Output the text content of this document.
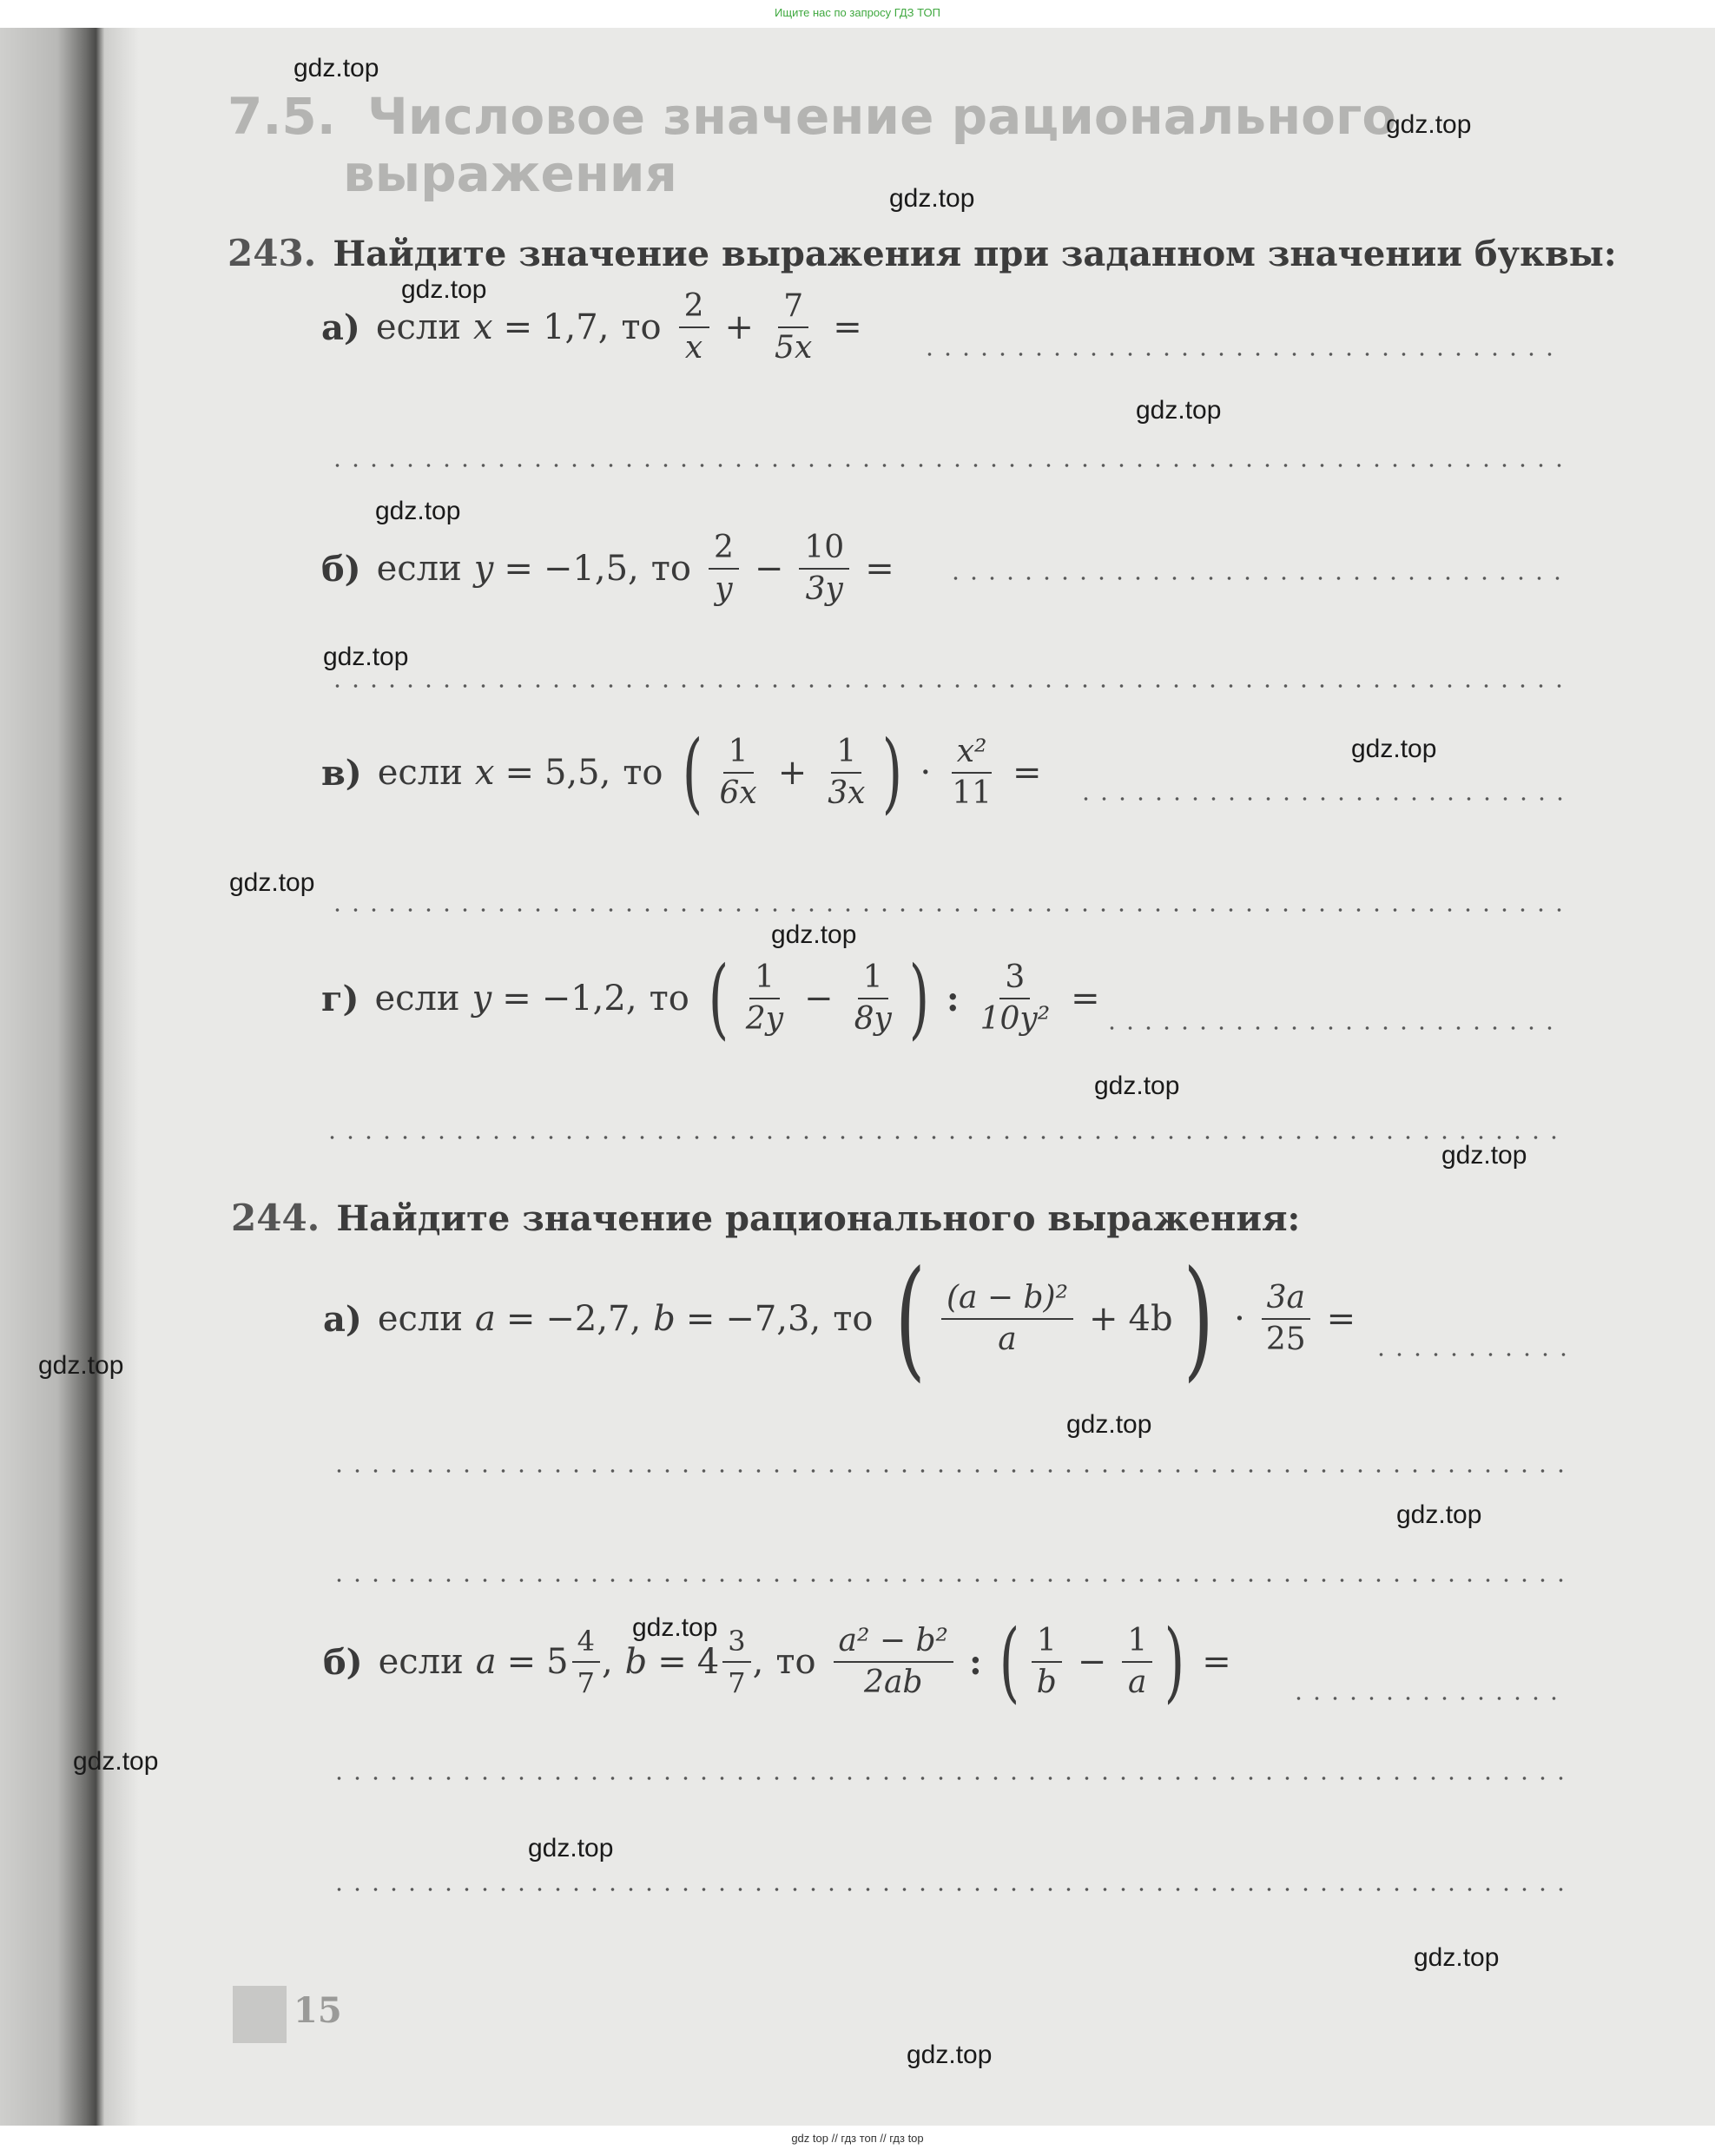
Ищите нас по запросу ГДЗ ТОП
7.5. Числовое значение рационального
выражения
243. Найдите значение выражения при заданном значении буквы:
а) если x = 1,7, то $\frac{2}{x} + \frac{7}{5x}$ =
б) если y = −1,5, то $\frac{2}{y} - \frac{10}{3y}$ =
в) если x = 5,5, то ( $\frac{1}{6x} + \frac{1}{3x}$ ) · $\frac{\text{x²}}{11}$ =
г) если y = −1,2, то ( $\frac{1}{2y} - \frac{1}{8y}$ ) : $\frac{3}{\text{10y²}}$ =
244. Найдите значение рационального выражения:
а) если a = −2,7, b = −7,3, то ( $\frac{\text{(a − b)²}}{a} + 4b$ ) · $\frac{3a}{25}$ =
б) если $a = 5 \frac{4}{7}$ , $b = 4 \frac{3}{7}$ , то $\frac{\text{a² − b²}}{2ab}$ : ( $\frac{1}{b} - \frac{1}{a}$ ) =
15
gdz.top
gdz.top
gdz.top
gdz.top
gdz.top
gdz.top
gdz.top
gdz.top
gdz.top
gdz.top
gdz.top
gdz.top
gdz.top
gdz.top
gdz.top
gdz.top
gdz.top
gdz.top
gdz.top
gdz.top
gdz top // гдз топ // гдз top
